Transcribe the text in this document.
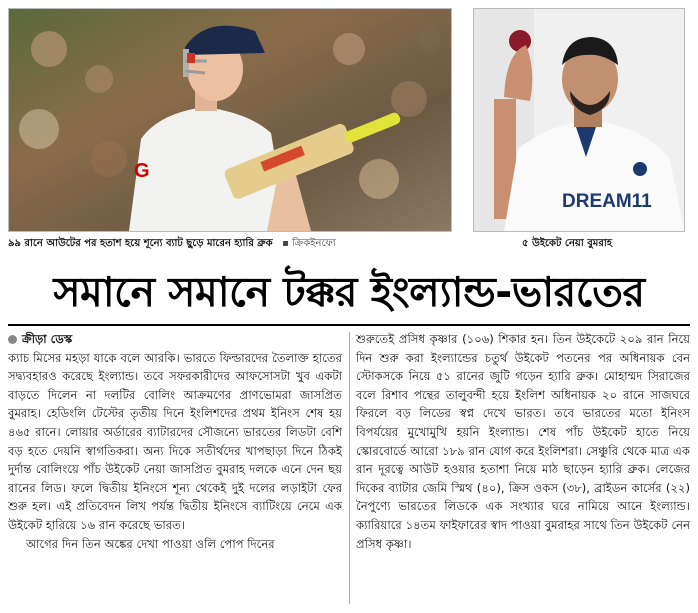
G
DREAM11
৯৯ রানে আউটের পর হতাশ হয়ে শূন্যে ব্যাট ছুড়ে মারেন হ্যারি ব্রুক ▪ ক্রিকইনফো	৫ উইকেট নেয়া বুমরাহ
সমানে সমানে টক্কর ইংল্যান্ড-ভারতের
ক্রীড়া ডেস্ক

ক্যাচ মিসের মহড়া যাকে বলে আরকি। ভারতে ফিল্ডারদের তৈলাক্ত হাতের সদ্ব্যবহারও করেছে ইংল্যান্ড। তবে সফরকারীদের আফসোসটা খুব একটা বাড়তে দিলেন না দলটির বোলিং আক্রমণের প্রাণভোমরা জাসপ্রিত বুমরাহ। হেডিংলি টেস্টের তৃতীয় দিনে ইংলিশদের প্রথম ইনিংস শেষ হয় ৪৬৫ রানে। লোয়ার অর্ডারের ব্যাটারদের সৌজন্যে ভারতের লিডটা বেশি বড় হতে দেয়নি স্বাগতিকরা। অন্য দিকে সতীর্থদের খাপছাড়া দিনে ঠিকই দুর্দান্ত বোলিংয়ে পাঁচ উইকেট নেয়া জাসপ্রিত বুমরাহ দলকে এনে দেন ছয় রানের লিড। ফলে দ্বিতীয় ইনিংসে শূন্য থেকেই দুই দলের লড়াইটা ফের শুরু হল। এই প্রতিবেদন লিখ পর্যন্ত দ্বিতীয় ইনিংসে ব্যাটিংয়ে নেমে এক উইকেট হারিয়ে ১৬ রান করেছে ভারত।

আগের দিন তিন অঙ্কের দেখা পাওয়া ওলি পোপ দিনের

শুরুতেই প্রসিধ কৃষ্ণার (১০৬) শিকার হন। তিন উইকেটে ২০৯ রান নিয়ে দিন শুরু করা ইংল্যান্ডের চতুর্থ উইকেট পতনের পর অধিনায়ক বেন স্টোকসকে নিয়ে ৫১ রানের জুটি গড়েন হ্যারি ব্রুক। মোহাম্মদ সিরাজের বলে রিশাব পন্থের তালুবন্দী হয়ে ইংলিশ অধিনায়ক ২০ রানে সাজঘরে ফিরলে বড় লিডের স্বপ্ন দেখে ভারত। তবে ভারতের মতো ইনিংস বিপর্যয়ের মুখোমুখি হয়নি ইংল্যান্ড। শেষ পাঁচ উইকেট হাতে নিয়ে স্কোরবোর্ডে আরো ১৮৯ রান যোগ করে ইংলিশরা। সেঞ্চুরি থেকে মাত্র এক রান দূরত্বে আউট হওয়ার হতাশা নিয়ে মাঠ ছাড়েন হ্যারি ব্রুক। লেজের দিকের ব্যাটার জেমি স্মিথ (৪০), ক্রিস ওকস (৩৮), ব্রাইডন কার্সের (২২) নৈপুণ্যে ভারতের লিডকে এক সংখ্যার ঘরে নামিয়ে আনে ইংল্যান্ড। ক্যারিয়ারে ১৪তম ফাইফারের স্বাদ পাওয়া বুমরাহর সাথে তিন উইকেট নেন প্রসিধ কৃষ্ণা।
